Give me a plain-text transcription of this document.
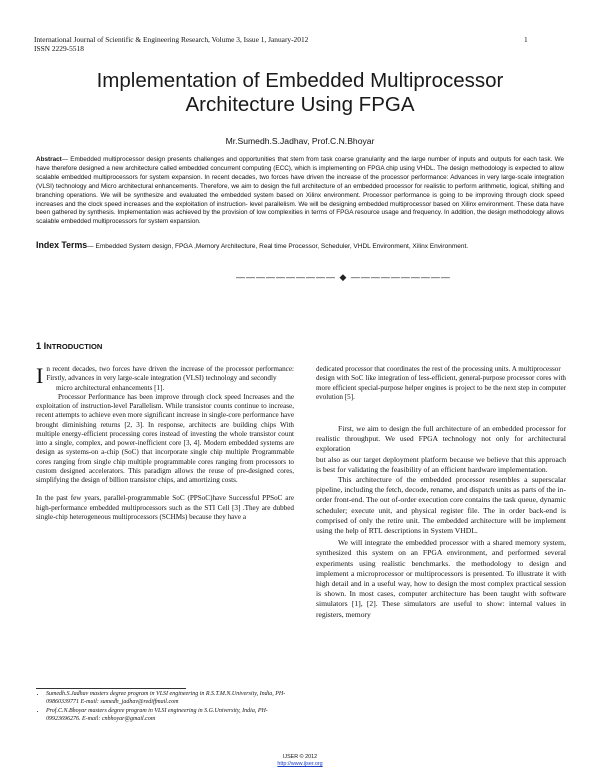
International Journal of Scientific & Engineering Research, Volume 3, Issue 1, January-2012
ISSN 2229-5518
1
Implementation of Embedded Multiprocessor
Architecture Using FPGA
Mr.Sumedh.S.Jadhav, Prof.C.N.Bhoyar
Abstract— Embedded multiprocessor design presents challenges and opportunities that stem from task coarse granularity and the large number of inputs and outputs for each task. We have therefore designed a new architecture called embedded concurrent computing (ECC), which is implementing on FPGA chip using VHDL. The design methodology is expected to allow scalable embedded multiprocessors for system expansion. In recent decades, two forces have driven the increase of the processor performance: Advances in very large-scale integration (VLSI) technology and Micro architectural enhancements. Therefore, we aim to design the full architecture of an embedded processor for realistic to perform arithmetic, logical, shifting and branching operations. We will be synthesize and evaluated the embedded system based on Xilinx environment. Processor performance is going to be improving through clock speed increases and the clock speed increases and the exploitation of instruction- level parallelism. We will be designing embedded multiprocessor based on Xilinx environment. These data have been gathered by synthesis. Implementation was achieved by the provision of low complexities in terms of FPGA resource usage and frequency. In addition, the design methodology allows scalable embedded multiprocessors for system expansion.
Index Terms— Embedded System design, FPGA ,Memory Architecture, Real time Processor, Scheduler, VHDL Environment, Xilinx Environment.
—————————— ◆ ——————————
1 INTRODUCTION

I n recent decades, two forces have driven the increase of the processor performance: Firstly, advances in very large-scale integration (VLSI) technology and secondly

micro architectural enhancements [1].

Processor Performance has been improve through clock speed Increases and the exploitation of instruction-level Parallelism. While transistor counts continue to increase, recent attempts to achieve even more significant increase in single-core performance have brought diminishing returns [2, 3]. In response, architects are building chips With multiple energy-efficient processing cores instead of investing the whole transistor count into a single, complex, and power-inefficient core [3, 4]. Modern embedded systems are design as systems-on a-chip (SoC) that incorporate single chip multiple Programmable cores ranging from single chip multiple programmable cores ranging from processors to custom designed accelerators. This paradigm allows the reuse of pre-designed cores, simplifying the design of billion transistor chips, and amortizing costs.

In the past few years, parallel-programmable SoC (PPSoC)have Successful PPSoC are high-performance embedded multiprocessors such as the STI Cell [3] .They are dubbed single-chip heterogeneous multiprocessors (SCHMs) because they have a

dedicated processor that coordinates the rest of the processing units. A multiprocessor

design with SoC like integration of less-efficient, general-purpose processor cores with more efficient special-purpose helper engines is project to be the next step in computer evolution [5].

First, we aim to design the full architecture of an embedded processor for realistic throughput. We used FPGA technology not only for architectural exploration

but also as our target deployment platform because we believe that this approach is best for validating the feasibility of an efficient hardware implementation.

This architecture of the embedded processor resembles a superscalar pipeline, including the fetch, decode, rename, and dispatch units as parts of the in-order front-end. The out of-order execution core contains the task queue, dynamic scheduler; execute unit, and physical register file. The in order back-end is comprised of only the retire unit. The embedded architecture will be implement using the help of RTL descriptions in System VHDL.

We will integrate the embedded processor with a shared memory system, synthesized this system on an FPGA environment, and performed several experiments using realistic benchmarks. the methodology to design and implement a microprocessor or multiprocessors is presented. To illustrate it with high detail and in a useful way, how to design the most complex practical session is shown. In most cases, computer architecture has been taught with software simulators [1], [2]. These simulators are useful to show: internal values in registers, memory

• Sumedh.S.Jadhav masters degree program in VLSI engineering in R.S.T.M.N.University, India, PH-09860339771 E-mail: sumedh_jadhav@rediffmail.com
• Prof.C.N.Bhoyar masters degree program in VLSI engineering in S.G.University, India, PH-09923696276. E-mail: cnbhoyar@gmail.com
IJSER © 2012
http://www.ijser.org
